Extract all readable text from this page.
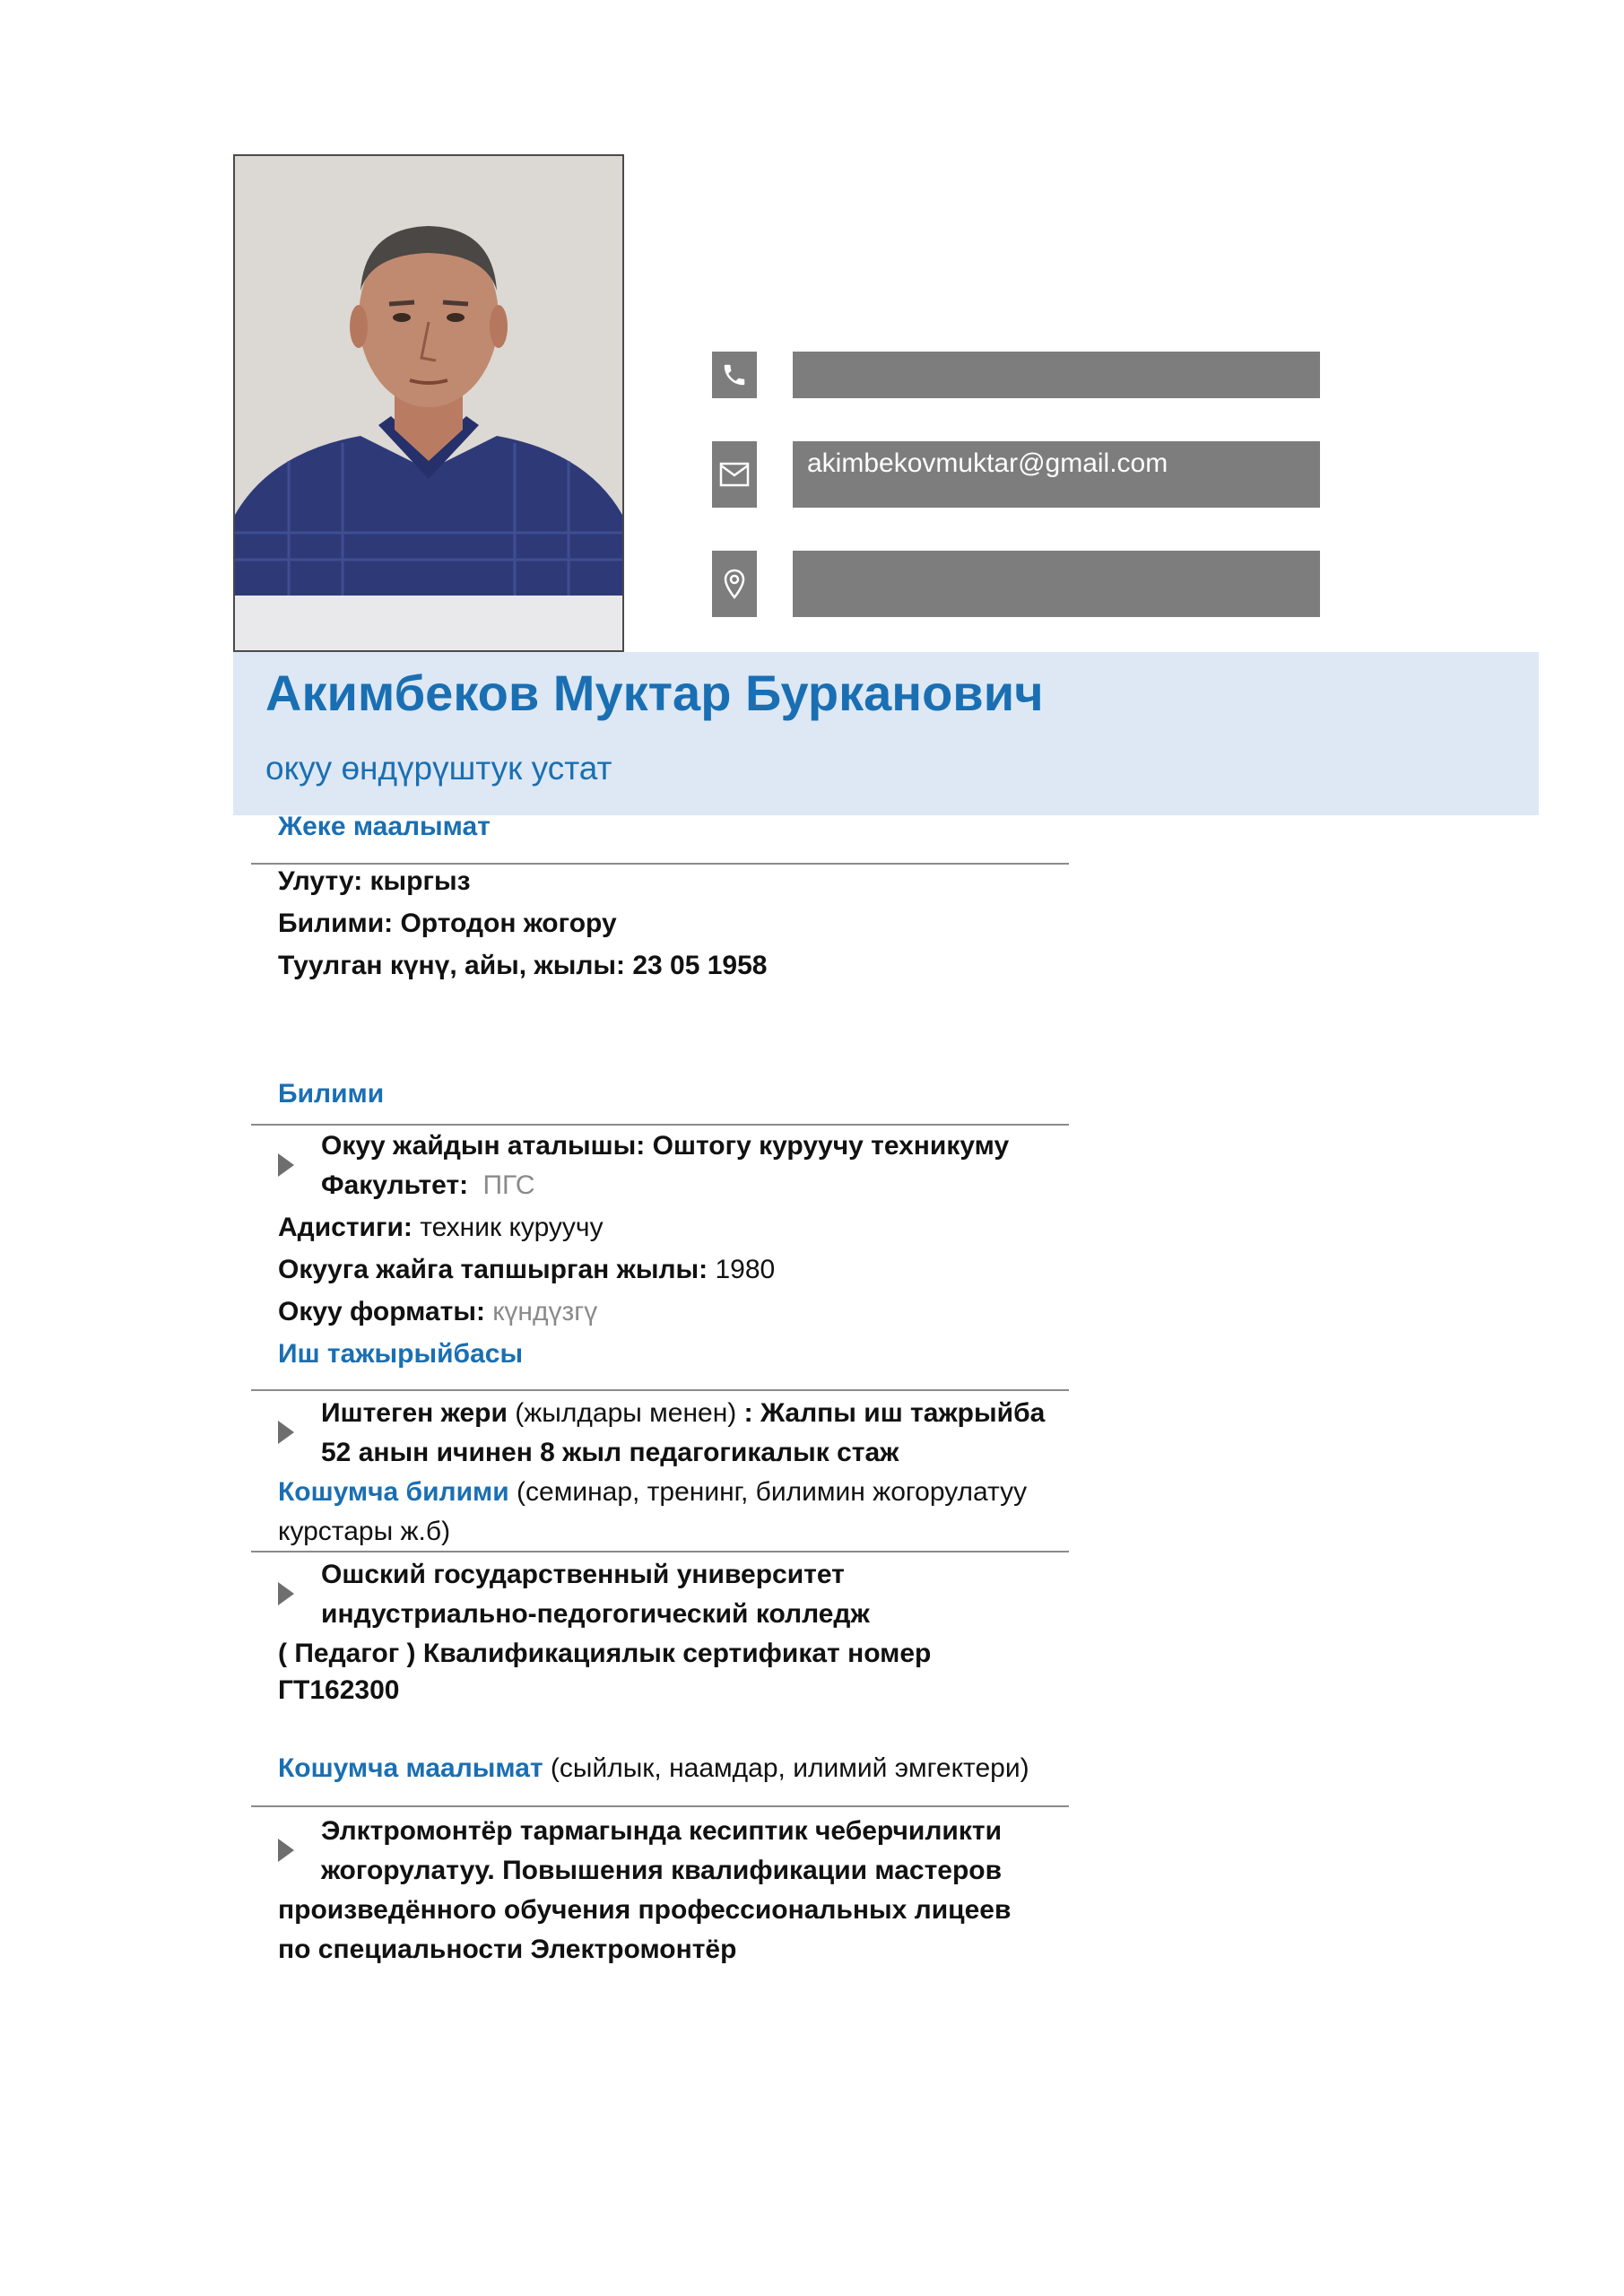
akimbekovmuktar@gmail.com
Акимбеков Муктар Бурканович
окуу өндүрүштук устат
Жеке маалымат
Улуту: кыргыз
Билими: Ортодон жогору
Туулган күнү, айы, жылы: 23 05 1958
Билими
Окуу жайдын аталышы: Оштогу куруучу техникуму
Факультет: ПГС
Адистиги: техник куруучу
Окууга жайга тапшырган жылы: 1980
Окуу форматы: күндүзгү
Иш тажырыйбасы
Иштеген жери (жылдары менен) : Жалпы иш тажрыйба
52 анын ичинен 8 жыл педагогикалык стаж
Кошумча билими (семинар, тренинг, билимин жогорулатуу
курстары ж.б)
Ошский государственный университет
индустриально-педогогический колледж
( Педагог ) Квалификациялык сертификат номер
ГТ162300
Кошумча маалымат (сыйлык, наамдар, илимий эмгектери)
Элктромонтёр тармагында кесиптик чеберчиликти
жогорулатуу. Повышения квалификации мастеров
произведённого обучения профессиональных лицеев
по специальности Электромонтёр
